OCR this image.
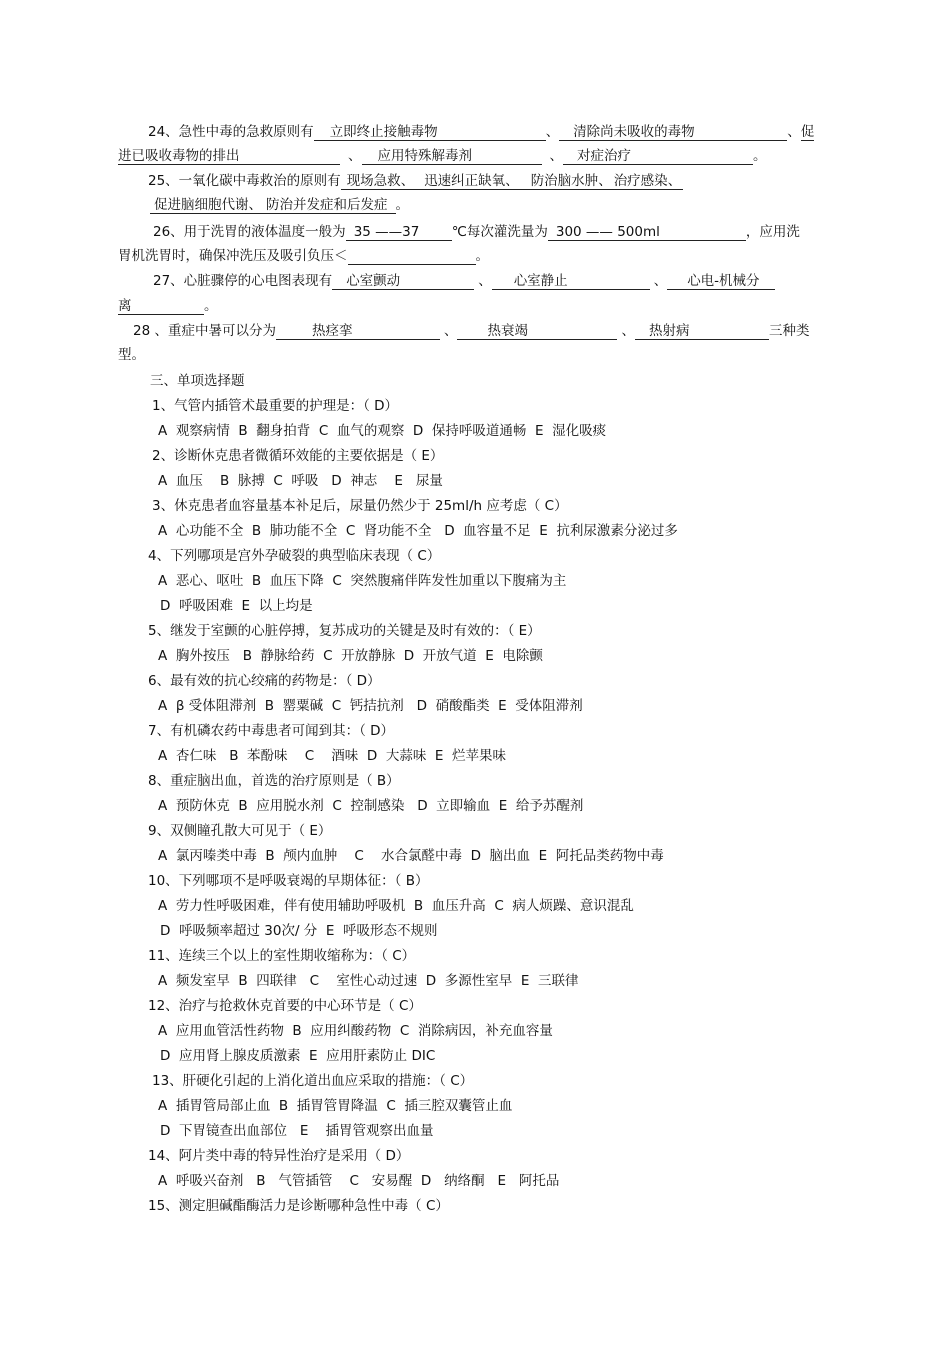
24、急性中毒的急救原则有 立即终止接触毒物	、 清除尚未吸收的毒物	、促
进已吸收毒物的排出	、 应用特殊解毒剂	、 对症治疗	。
25、一氧化碳中毒救治的原则有 现场急救、 迅速纠正缺氧、 防治脑水肿、 治疗感染、
促进脑细胞代谢、 防治并发症和后发症 。
26、用于洗胃的液体温度一般为 35 ——37 ℃每次灌洗量为 300 —— 500ml	，应用洗
胃机洗胃时，确保冲洗压及吸引负压＜	。
27、心脏骤停的心电图表现有 心室颤动	、 心室静止	、 心电-机械分
离	。
28 、重症中暑可以分为	热痉挛	、 热衰竭	、 热射病	三种类
型。
三、单项选择题
1、气管内插管术最重要的护理是：（ D）
A  观察病情  B  翻身拍背  C  血气的观察  D  保持呼吸道通畅  E  湿化吸痰
2、诊断休克患者微循环效能的主要依据是（ E）
A  血压    B  脉搏  C  呼吸   D  神志    E   尿量
3、休克患者血容量基本补足后，尿量仍然少于 25ml/h 应考虑（ C）
A  心功能不全  B  肺功能不全  C  肾功能不全   D  血容量不足  E  抗利尿激素分泌过多
4、下列哪项是宫外孕破裂的典型临床表现（ C）
A  恶心、呕吐  B  血压下降  C  突然腹痛伴阵发性加重以下腹痛为主
D  呼吸困难  E  以上均是
5、继发于室颤的心脏停搏，复苏成功的关键是及时有效的：（ E）
A  胸外按压   B  静脉给药  C  开放静脉  D  开放气道  E  电除颤
6、最有效的抗心绞痛的药物是：（ D）
A  β 受体阻滞剂  B  罂粟碱  C  钙拮抗剂   D  硝酸酯类  E  受体阻滞剂
7、有机磷农药中毒患者可闻到其：（ D）
A  杏仁味   B  苯酚味    C    酒味  D  大蒜味  E  烂苹果味
8、重症脑出血，首选的治疗原则是（ B）
A  预防休克  B  应用脱水剂  C  控制感染   D  立即输血  E  给予苏醒剂
9、双侧瞳孔散大可见于（ E）
A  氯丙嗪类中毒  B  颅内血肿    C    水合氯醛中毒  D  脑出血  E  阿托品类药物中毒
10、下列哪项不是呼吸衰竭的早期体征：（ B）
A  劳力性呼吸困难，伴有使用辅助呼吸机  B  血压升高  C  病人烦躁、意识混乱
D  呼吸频率超过 30次/ 分  E  呼吸形态不规则
11、连续三个以上的室性期收缩称为：（ C）
A  频发室早  B  四联律   C    室性心动过速  D  多源性室早  E  三联律
12、治疗与抢救休克首要的中心环节是（ C）
A  应用血管活性药物  B  应用纠酸药物  C  消除病因，补充血容量
D  应用肾上腺皮质激素  E  应用肝素防止 DIC
13、肝硬化引起的上消化道出血应采取的措施：（ C）
A  插胃管局部止血  B  插胃管胃降温  C  插三腔双囊管止血
D  下胃镜查出血部位   E    插胃管观察出血量
14、阿片类中毒的特异性治疗是采用（ D）
A  呼吸兴奋剂   B   气管插管    C   安易醒  D   纳络酮   E   阿托品
15、测定胆碱酯酶活力是诊断哪种急性中毒（ C）
